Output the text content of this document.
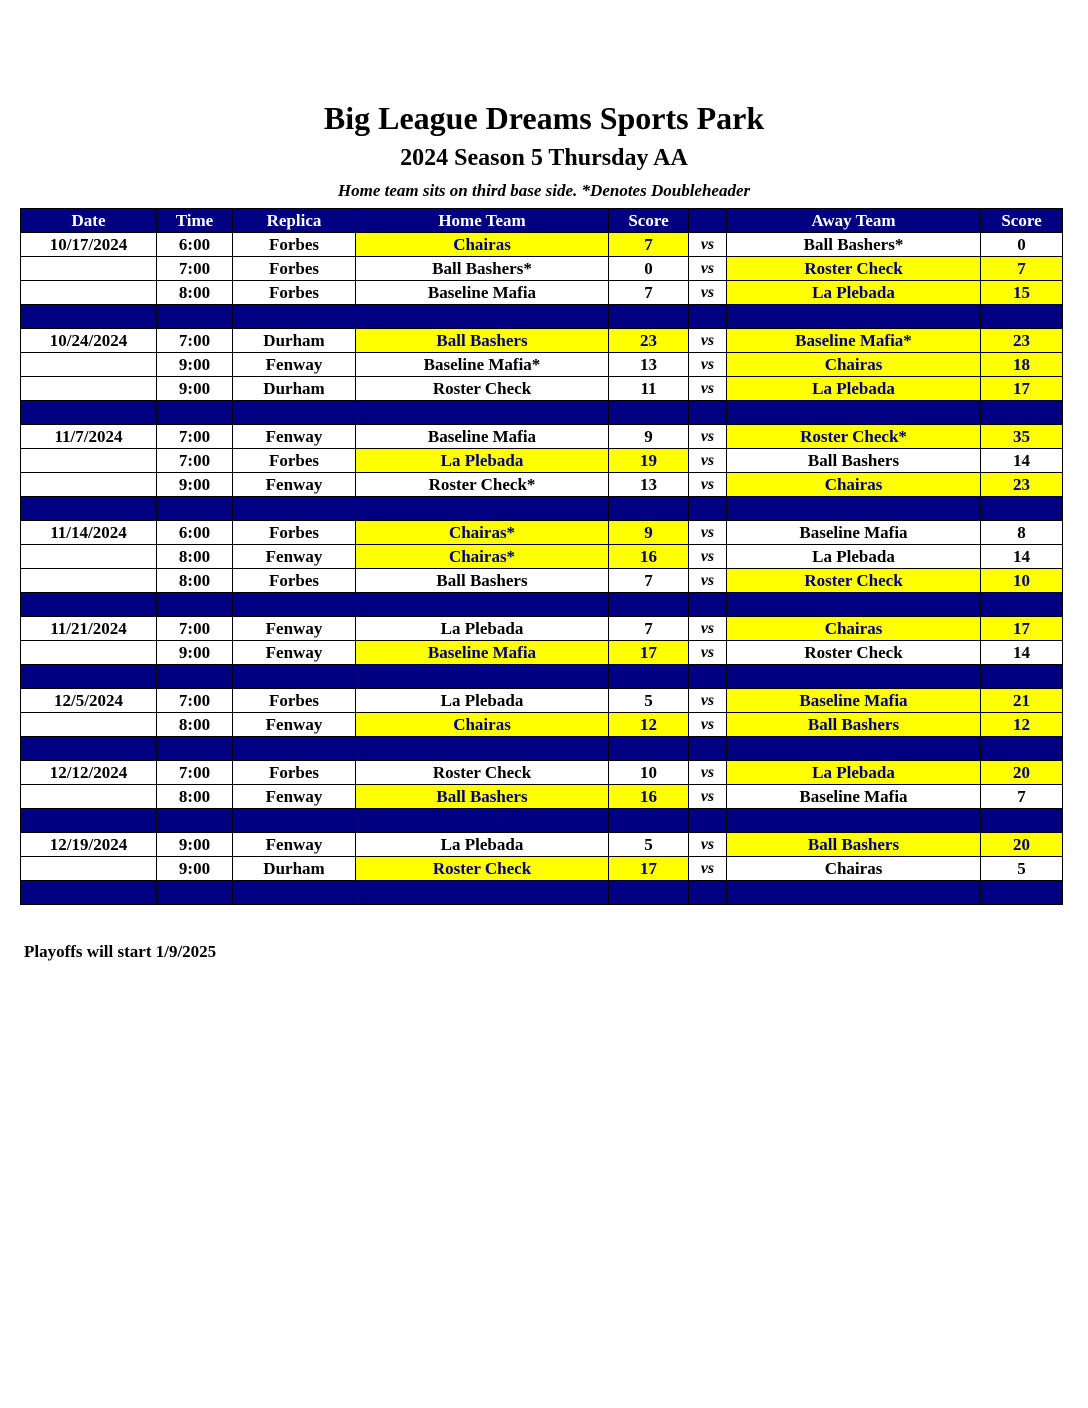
Big League Dreams Sports Park
2024 Season 5 Thursday AA
Home team sits on third base side. *Denotes Doubleheader
Date	Time	Replica	Home Team	Score		Away Team	Score
10/17/2024	6:00	Forbes	Chairas	7	vs	Ball Bashers*	0
	7:00	Forbes	Ball Bashers*	0	vs	Roster Check	7
	8:00	Forbes	Baseline Mafia	7	vs	La Plebada	15

10/24/2024	7:00	Durham	Ball Bashers	23	vs	Baseline Mafia*	23
	9:00	Fenway	Baseline Mafia*	13	vs	Chairas	18
	9:00	Durham	Roster Check	11	vs	La Plebada	17

11/7/2024	7:00	Fenway	Baseline Mafia	9	vs	Roster Check*	35
	7:00	Forbes	La Plebada	19	vs	Ball Bashers	14
	9:00	Fenway	Roster Check*	13	vs	Chairas	23

11/14/2024	6:00	Forbes	Chairas*	9	vs	Baseline Mafia	8
	8:00	Fenway	Chairas*	16	vs	La Plebada	14
	8:00	Forbes	Ball Bashers	7	vs	Roster Check	10

11/21/2024	7:00	Fenway	La Plebada	7	vs	Chairas	17
	9:00	Fenway	Baseline Mafia	17	vs	Roster Check	14

12/5/2024	7:00	Forbes	La Plebada	5	vs	Baseline Mafia	21
	8:00	Fenway	Chairas	12	vs	Ball Bashers	12

12/12/2024	7:00	Forbes	Roster Check	10	vs	La Plebada	20
	8:00	Fenway	Ball Bashers	16	vs	Baseline Mafia	7

12/19/2024	9:00	Fenway	La Plebada	5	vs	Ball Bashers	20
	9:00	Durham	Roster Check	17	vs	Chairas	5

Playoffs will start 1/9/2025
